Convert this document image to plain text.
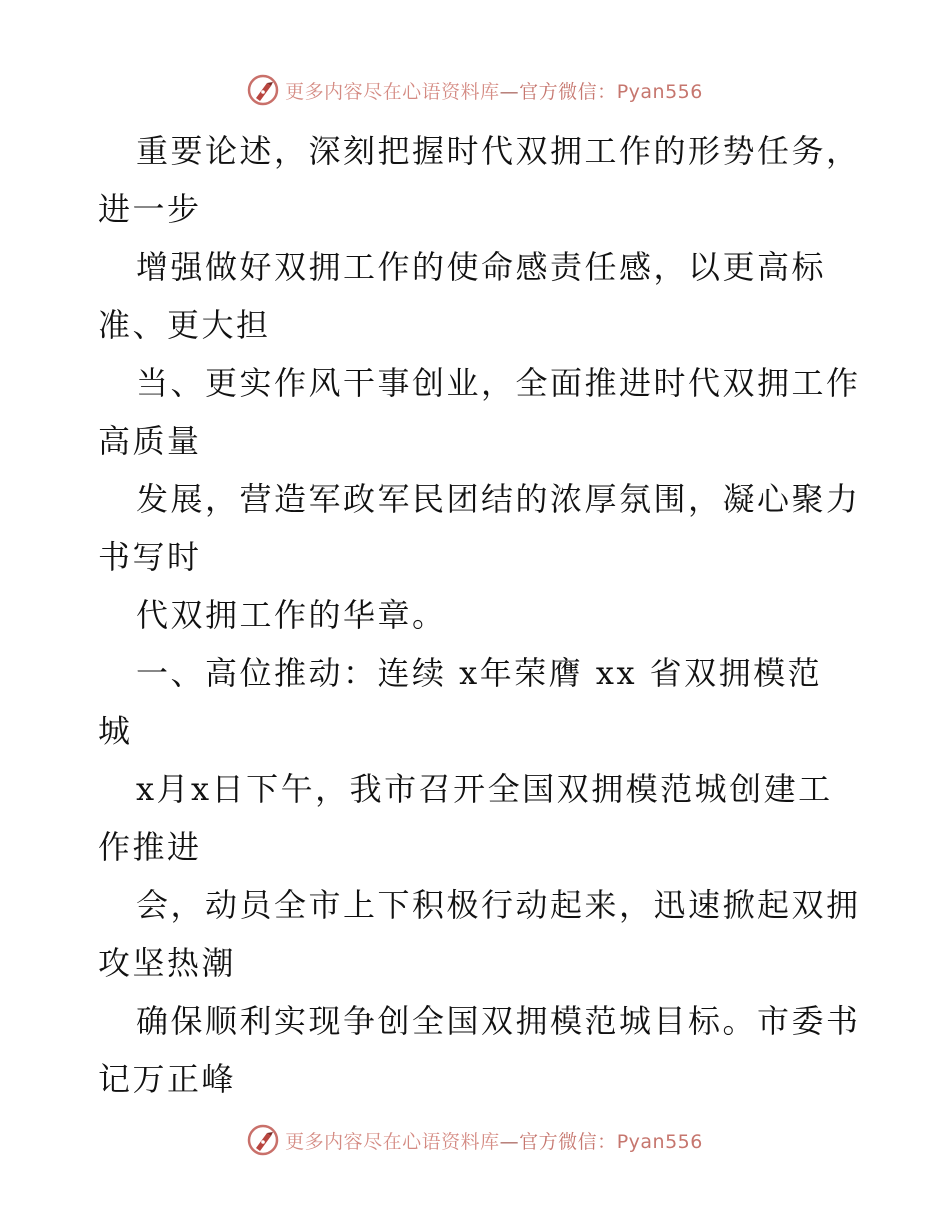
更多内容尽在心语资料库—官方微信：Pyan556

重要论述，深刻把握时代双拥工作的形势任务，
进一步

增强做好双拥工作的使命感责任感，以更高标
准、更大担

当、更实作风干事创业，全面推进时代双拥工作
高质量

发展，营造军政军民团结的浓厚氛围，凝心聚力
书写时

代双拥工作的华章。

一、高位推动：连续 x年荣膺 xx 省双拥模范
城

x月x日下午，我市召开全国双拥模范城创建工
作推进

会，动员全市上下积极行动起来，迅速掀起双拥
攻坚热潮

确保顺利实现争创全国双拥模范城目标。市委书
记万正峰

更多内容尽在心语资料库—官方微信：Pyan556
